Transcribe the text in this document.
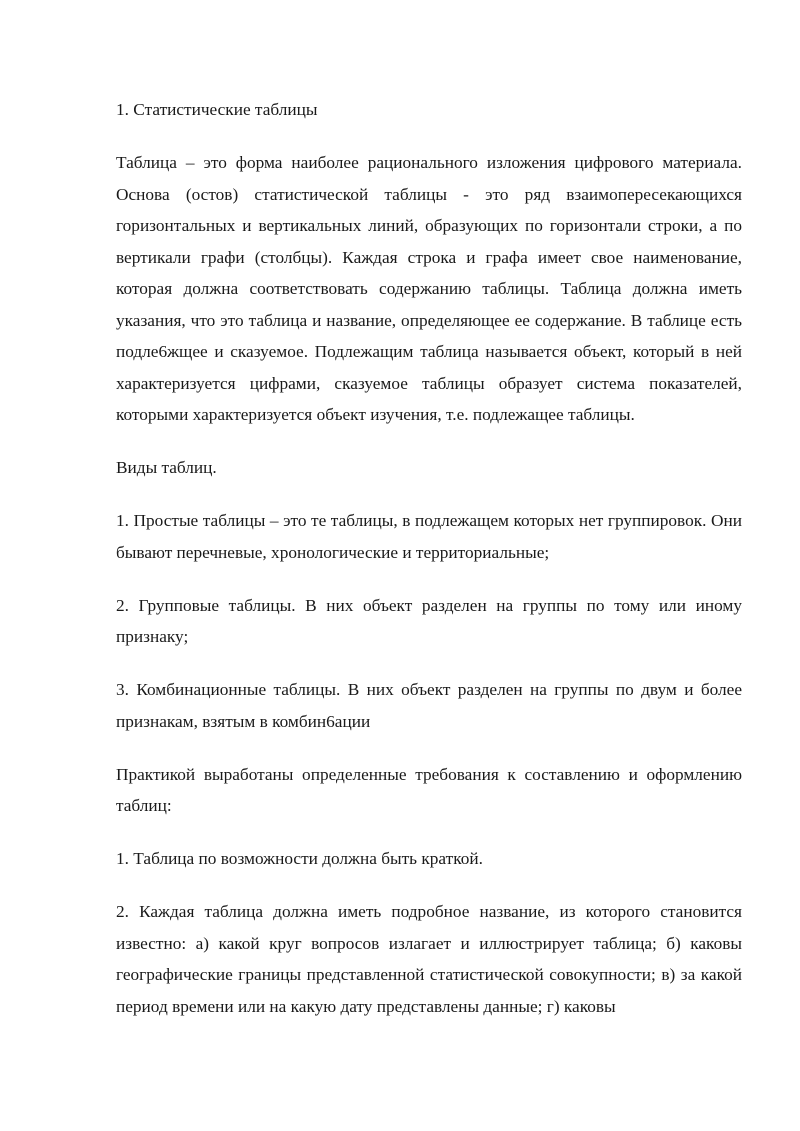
1. Статистические таблицы

Таблица – это форма наиболее рационального изложения цифрового материала. Основа (остов) статистической таблицы - это ряд взаимопересекающихся горизонтальных и вертикальных линий, образующих по горизонтали строки, а по вертикали графи (столбцы). Каждая строка и графа имеет свое наименование, которая должна соответствовать содержанию таблицы. Таблица должна иметь указания, что это таблица и название, определяющее ее содержание. В таблице есть подле6жщее и сказуемое. Подлежащим таблица называется объект, который в ней характеризуется цифрами, сказуемое таблицы образует система показателей, которыми характеризуется объект изучения, т.е. подлежащее таблицы.

Виды таблиц.

1. Простые таблицы – это те таблицы, в подлежащем которых нет группировок. Они бывают перечневые, хронологические и территориальные;

2. Групповые таблицы. В них объект разделен на группы по тому или иному признаку;

3. Комбинационные таблицы. В них объект разделен на группы по двум и более признакам, взятым в комбин6ации

Практикой выработаны определенные требования к составлению и оформлению таблиц:

1. Таблица по возможности должна быть краткой.

2. Каждая таблица должна иметь подробное название, из которого становится известно: а) какой круг вопросов излагает и иллюстрирует таблица; б) каковы географические границы представленной статистической совокупности; в) за какой период времени или на какую дату представлены данные; г) каковы
